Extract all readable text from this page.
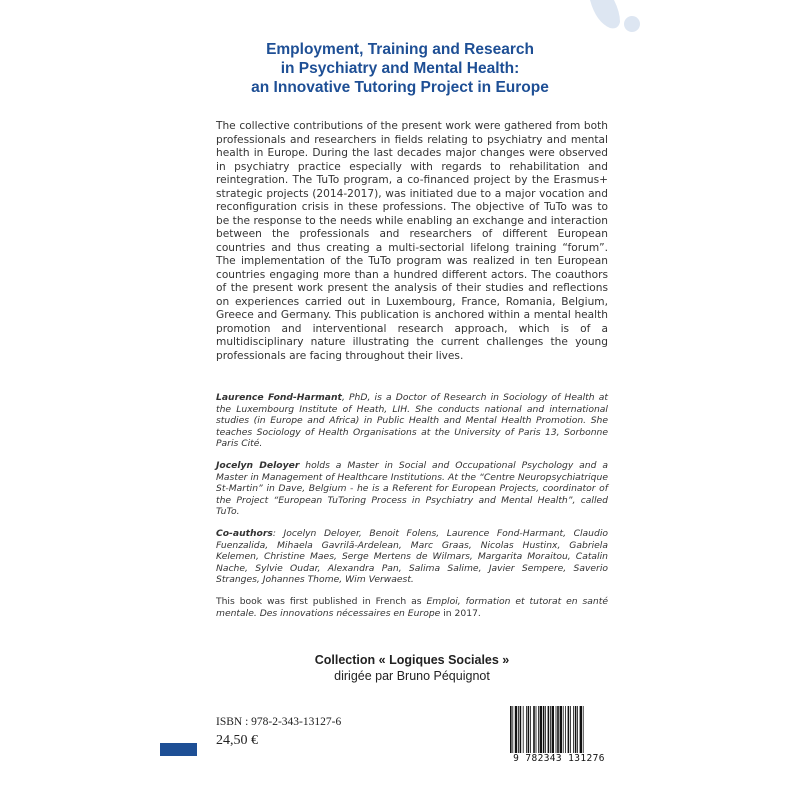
Employment, Training and Research
in Psychiatry and Mental Health:
an Innovative Tutoring Project in Europe

The collective contributions of the present work were gathered from both professionals and researchers in fields relating to psychiatry and mental health in Europe. During the last decades major changes were observed in psychiatry practice especially with regards to rehabilitation and reintegration. The TuTo program, a co-financed project by the Erasmus+ strategic projects (2014-2017), was initiated due to a major vocation and reconfiguration crisis in these professions. The objective of TuTo was to be the response to the needs while enabling an exchange and interaction between the professionals and researchers of different European countries and thus creating a multi-sectorial lifelong training “forum”. The implementation of the TuTo program was realized in ten European countries engaging more than a hundred different actors. The coauthors of the present work present the analysis of their studies and reflections on experiences carried out in Luxembourg, France, Romania, Belgium, Greece and Germany. This publication is anchored within a mental health promotion and interventional research approach, which is of a multidisciplinary nature illustrating the current challenges the young professionals are facing throughout their lives.

Laurence Fond-Harmant, PhD, is a Doctor of Research in Sociology of Health at the Luxembourg Institute of Heath, LIH. She conducts national and international studies (in Europe and Africa) in Public Health and Mental Health Promotion. She teaches Sociology of Health Organisations at the University of Paris 13, Sorbonne Paris Cité.

Jocelyn Deloyer holds a Master in Social and Occupational Psychology and a Master in Management of Healthcare Institutions. At the “Centre Neuropsychiatrique St-Martin” in Dave, Belgium - he is a Referent for European Projects, coordinator of the Project “European TuToring Process in Psychiatry and Mental Health”, called TuTo.

Co-authors: Jocelyn Deloyer, Benoit Folens, Laurence Fond-Harmant, Claudio Fuenzalida, Mihaela Gavrilă-Ardelean, Marc Graas, Nicolas Hustinx, Gabriela Kelemen, Christine Maes, Serge Mertens de Wilmars, Margarita Moraitou, Catalin Nache, Sylvie Oudar, Alexandra Pan, Salima Salime, Javier Sempere, Saverio Stranges, Johannes Thome, Wim Verwaest.

This book was first published in French as Emploi, formation et tutorat en santé mentale. Des innovations nécessaires en Europe in 2017.

Collection « Logiques Sociales »
dirigée par Bruno Péquignot
ISBN : 978-2-343-13127-6
24,50 €
9 782343 131276
